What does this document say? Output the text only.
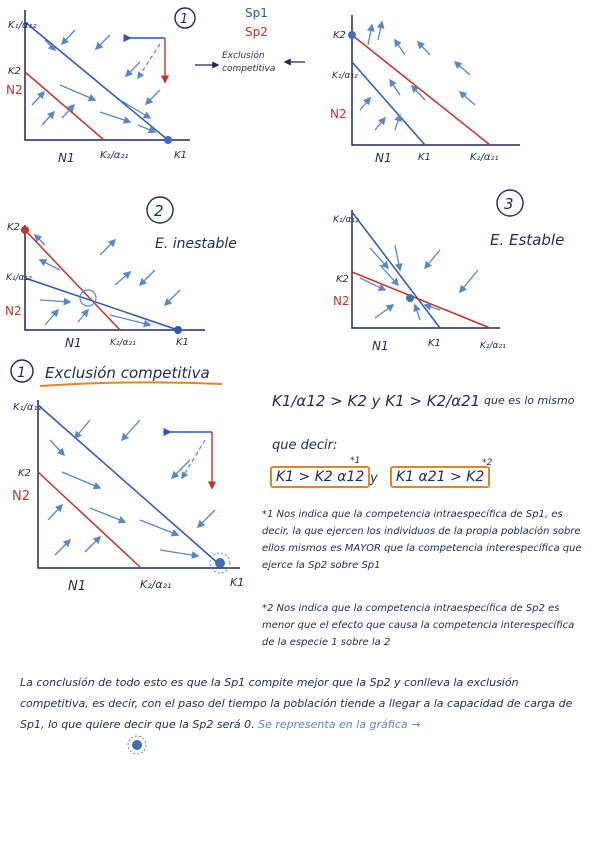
K₁/α₁₂
K2
N2
N1	K₂/α₂₁	K1
1	Sp1
Sp2
Exclusión
competitiva
K2
K₁/α₁₂
N2
N1	K1	K₂/α₂₁
K2
K₁/α₁₂
N2
N1	K₂/α₂₁	K1
2
E. inestable
K₁/α₁₂
K2
N2
N1	K1	K₂/α₂₁
3
E. Estable
1 Exclusión competitiva
K₁/α₁₂
K2
N2
N1	K₂/α₂₁	K1
K1/α12 > K2 y K1 > K2/α21 que es lo mismo
que decir:
K1 > K2 α12
*1
y	K1 α21 > K2
*2
*1 Nos indica que la competencia intraespecífica de Sp1, es decir, la que ejercen los individuos de la propia población sobre ellos mismos es MAYOR que la competencia interespecífica que ejerce la Sp2 sobre Sp1
*2 Nos indica que la competencia intraespecífica de Sp2 es menor que el efecto que causa la competencia interespecífica de la especie 1 sobre la 2
La conclusión de todo esto es que la Sp1 compite mejor que la Sp2 y conlleva la exclusión competitiva, es decir, con el paso del tiempo la población tiende a llegar a la capacidad de carga de Sp1, lo que quiere decir que la Sp2 será 0. Se representa en la gráfica →
